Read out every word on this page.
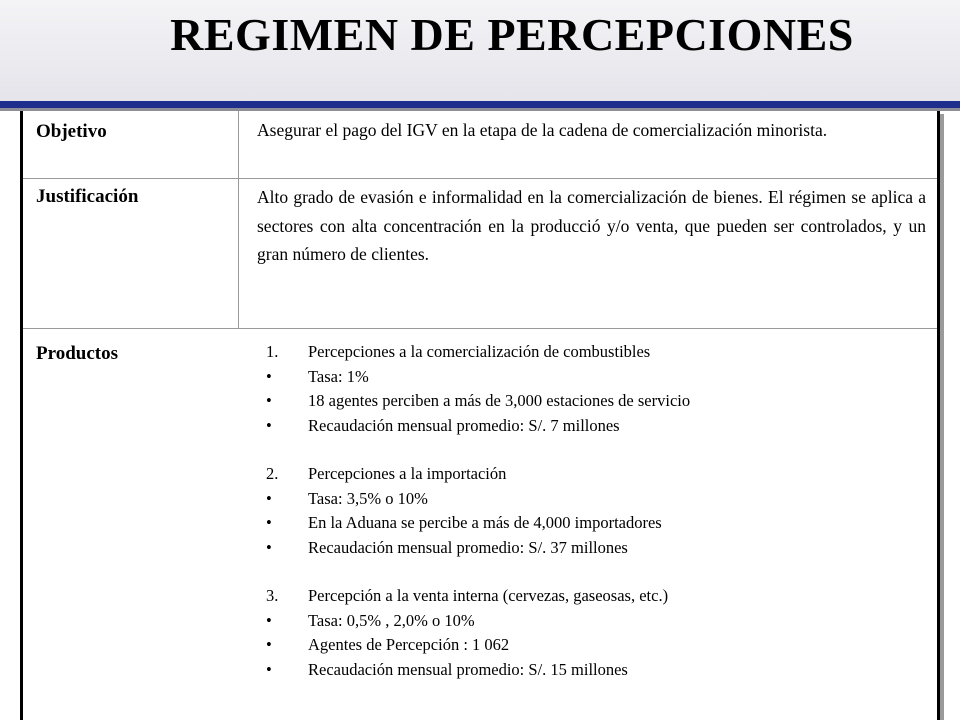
REGIMEN DE PERCEPCIONES
Objetivo	Asegurar el pago del IGV en la etapa de la cadena de comercialización minorista.
Justificación	Alto grado de evasión e informalidad en la comercialización de bienes. El régimen se aplica a sectores con alta concentración en la producció y/o venta, que pueden ser controlados, y un gran número de clientes.
Productos	1.	Percepciones a la comercialización de combustibles
•	Tasa: 1%
•	18 agentes perciben a más de 3,000 estaciones de servicio
•	Recaudación mensual promedio: S/. 7 millones
2.	Percepciones a la importación
•	Tasa: 3,5% o 10%
•	En la Aduana se percibe a más de 4,000 importadores
•	Recaudación mensual promedio: S/. 37 millones
3.	Percepción a la venta interna (cervezas, gaseosas, etc.)
•	Tasa: 0,5% , 2,0% o 10%
•	Agentes de Percepción : 1 062
•	Recaudación mensual promedio: S/. 15 millones
